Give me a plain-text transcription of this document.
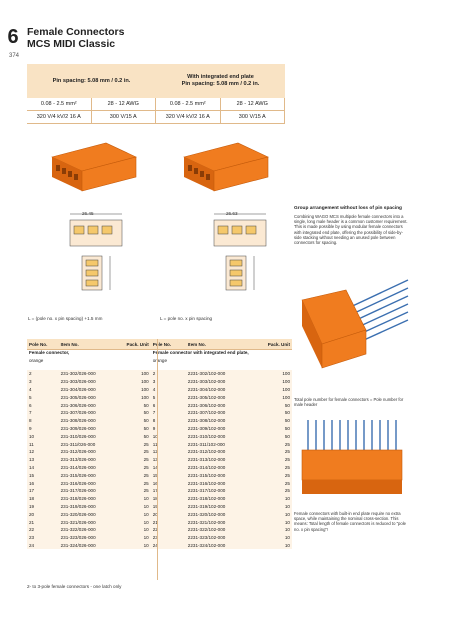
6
374
Female Connectors
MCS MIDI Classic
Pin spacing: 5.08 mm / 0.2 in.
With integrated end plate
Pin spacing: 5.08 mm / 0.2 in.
0.08 - 2.5 mm²	28 - 12 AWG	0.08 - 2.5 mm²	28 - 12 AWG
320 V/4 kV/2 16 A	300 V/15 A	320 V/4 kV/2 16 A	300 V/15 A
26.45	26.63
L = (pole no. x pin spacing) +1.5 mm	L = pole no. x pin spacing
Group arrangement without loss of pin spacing
Combining WAGO MCS multipole female connectors into a single, long male header is a common customer requirement. This is made possible by using modular female connectors with integrated end plate, offering the possibility of side-by-side stacking without needing an unused pole between connectors for spacing.
Total pole number for female connectors = Pole number for male header
Female connectors with built-in end plate require no extra space, while maintaining the nominal cross-section. This means: Total length of female connectors is reduced to "pole no. x pin spacing"!
Pole No.	Item No.	Pack. Unit	Pole No.	Item No.	Pack. Unit
Female connector,			Female connector with integrated end plate,		
orange			orange		
2	231-302/026-000	100	2	2231-302/102-000	100
3	231-303/026-000	100	3	2231-303/102-000	100
4	231-304/026-000	100	4	2231-304/102-000	100
5	231-305/026-000	100	5	2231-305/102-000	100
6	231-306/026-000	50	6	2231-306/102-000	50
7	231-307/026-000	50	7	2231-307/102-000	50
8	231-308/026-000	50	8	2231-308/102-000	50
9	231-309/026-000	50	9	2231-309/102-000	50
10	231-310/026-000	50	10	2231-310/102-000	50
11	231-311/026-000	25	11	2231-311/102-000	25
12	231-312/026-000	25	12	2231-312/102-000	25
13	231-313/026-000	25	13	2231-313/102-000	25
14	231-314/026-000	25	14	2231-314/102-000	25
15	231-315/026-000	25	15	2231-315/102-000	25
16	231-316/026-000	25	16	2231-316/102-000	25
17	231-317/026-000	25	17	2231-317/102-000	25
18	231-318/026-000	10	18	2231-318/102-000	10
19	231-319/026-000	10	19	2231-319/102-000	10
20	231-320/026-000	10	20	2231-320/102-000	10
21	231-321/026-000	10	21	2231-321/102-000	10
22	231-322/026-000	10	22	2231-322/102-000	10
23	231-323/026-000	10	23	2231-323/102-000	10
24	231-324/026-000	10	24	2231-324/102-000	10
2- to 3-pole female connectors - one latch only
